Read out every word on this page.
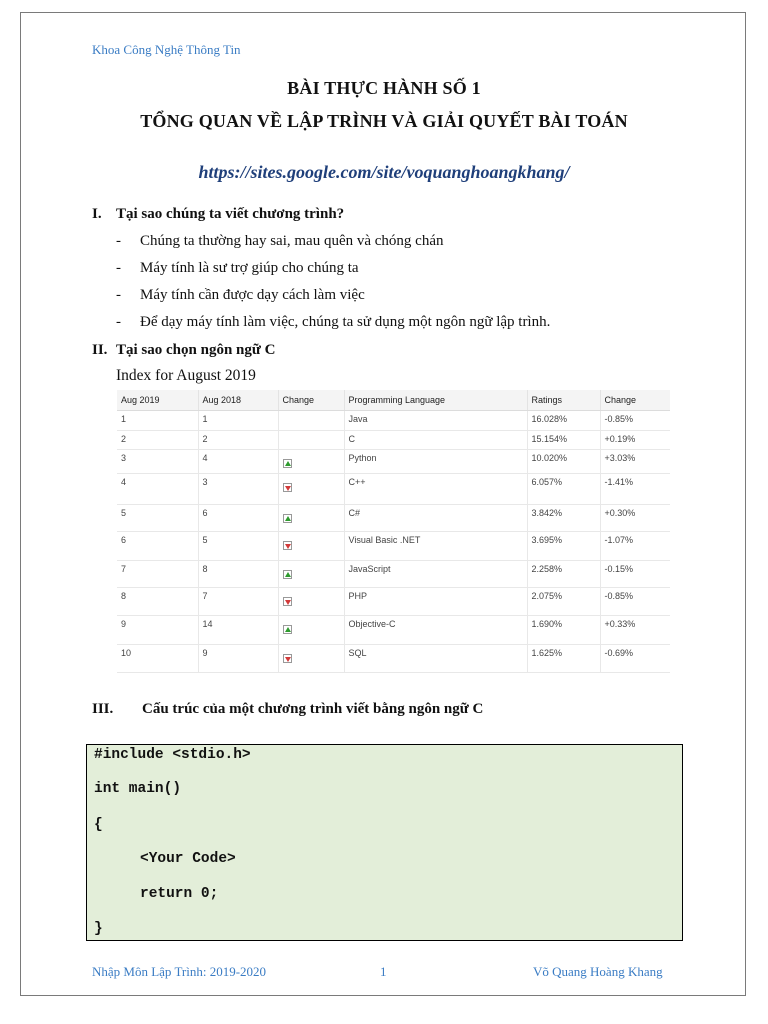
Khoa Công Nghệ Thông Tin
BÀI THỰC HÀNH SỐ 1
TỔNG QUAN VỀ LẬP TRÌNH VÀ GIẢI QUYẾT BÀI TOÁN
https://sites.google.com/site/voquanghoangkhang/
I. Tại sao chúng ta viết chương trình?
- Chúng ta thường hay sai, mau quên và chóng chán
- Máy tính là sư trợ giúp cho chúng ta
- Máy tính cần được dạy cách làm việc
- Để dạy máy tính làm việc, chúng ta sử dụng một ngôn ngữ lập trình.
II. Tại sao chọn ngôn ngữ C
Index for August 2019
Aug 2019	Aug 2018	Change	Programming Language	Ratings	Change
1	1		Java	16.028%	-0.85%
2	2		C	15.154%	+0.19%
3	4		Python	10.020%	+3.03%
4	3		C++	6.057%	-1.41%
5	6		C#	3.842%	+0.30%
6	5		Visual Basic .NET	3.695%	-1.07%
7	8		JavaScript	2.258%	-0.15%
8	7		PHP	2.075%	-0.85%
9	14		Objective-C	1.690%	+0.33%
10	9		SQL	1.625%	-0.69%
III. Cấu trúc của một chương trình viết bằng ngôn ngữ C
#include <stdio.h>
int main()
{
<Your Code>
return 0;
}
Nhập Môn Lập Trình: 2019-2020	1	Võ Quang Hoàng Khang
